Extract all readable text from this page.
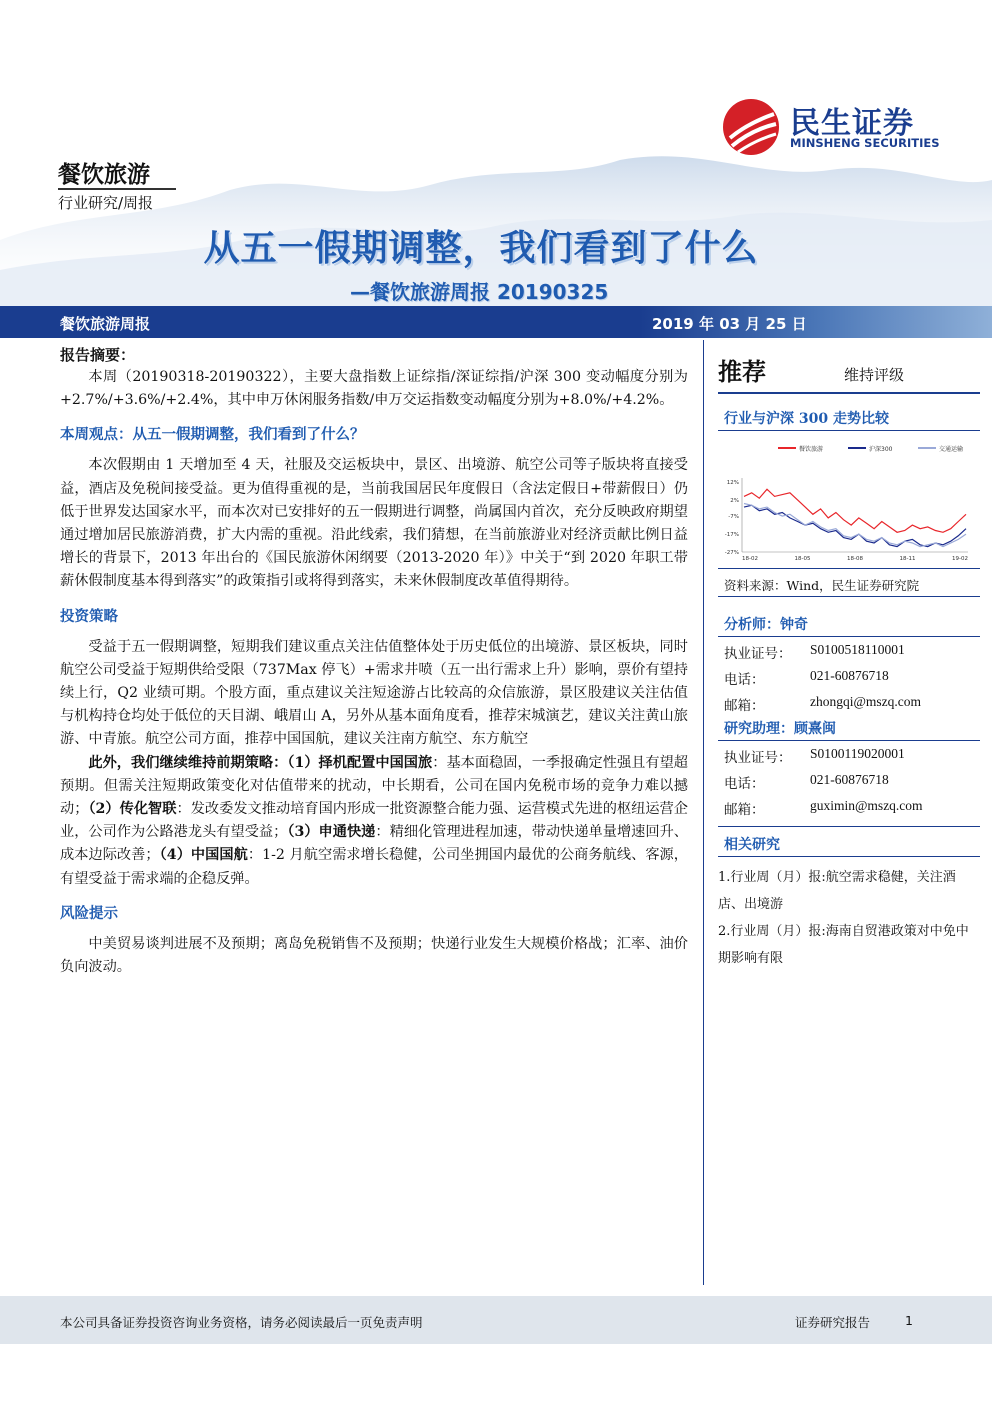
民生证券
MINSHENG SECURITIES
餐饮旅游
行业研究/周报
从五一假期调整，我们看到了什么
—餐饮旅游周报 20190325
餐饮旅游周报	2019 年 03 月 25 日
报告摘要：

本周（20190318-20190322），主要大盘指数上证综指/深证综指/沪深 300 变动幅度分别为+2.7%/+3.6%/+2.4%，其中申万休闲服务指数/申万交运指数变动幅度分别为+8.0%/+4.2%。

本周观点：从五一假期调整，我们看到了什么？

本次假期由 1 天增加至 4 天，社服及交运板块中，景区、出境游、航空公司等子版块将直接受益，酒店及免税间接受益。更为值得重视的是，当前我国居民年度假日（含法定假日+带薪假日）仍低于世界发达国家水平，而本次对已安排好的五一假期进行调整，尚属国内首次，充分反映政府期望通过增加居民旅游消费，扩大内需的重视。沿此线索，我们猜想，在当前旅游业对经济贡献比例日益增长的背景下，2013 年出台的《国民旅游休闲纲要（2013-2020 年）》中关于“到 2020 年职工带薪休假制度基本得到落实”的政策指引或将得到落实，未来休假制度改革值得期待。

投资策略

受益于五一假期调整，短期我们建议重点关注估值整体处于历史低位的出境游、景区板块，同时航空公司受益于短期供给受限（737Max 停飞）+需求井喷（五一出行需求上升）影响，票价有望持续上行，Q2 业绩可期。个股方面，重点建议关注短途游占比较高的众信旅游，景区股建议关注估值与机构持仓均处于低位的天目湖、峨眉山 A，另外从基本面角度看，推荐宋城演艺，建议关注黄山旅游、中青旅。航空公司方面，推荐中国国航，建议关注南方航空、东方航空

此外，我们继续维持前期策略：（1）择机配置中国国旅：基本面稳固，一季报确定性强且有望超预期。但需关注短期政策变化对估值带来的扰动，中长期看，公司在国内免税市场的竞争力难以撼动；（2）传化智联：发改委发文推动培育国内形成一批资源整合能力强、运营模式先进的枢纽运营企业，公司作为公路港龙头有望受益；（3）申通快递：精细化管理进程加速，带动快递单量增速回升、成本边际改善；（4）中国国航：1-2 月航空需求增长稳健，公司坐拥国内最优的公商务航线、客源，有望受益于需求端的企稳反弹。

风险提示

中美贸易谈判进展不及预期；离岛免税销售不及预期；快递行业发生大规模价格战；汇率、油价负向波动。

推荐	维持评级
行业与沪深 300 走势比较
餐饮旅游	沪深300	交通运输
12%
2%
-7%
-17%
-27%
18-02	18-05	18-08	18-11	19-02
资料来源：Wind，民生证券研究院
分析师：钟奇
执业证号： S0100518110001
电话：	021-60876718
邮箱：	zhongqi@mszq.com
研究助理：顾熹闽
执业证号： S0100119020001
电话：	021-60876718
邮箱：	guximin@mszq.com
相关研究
1.行业周（月）报:航空需求稳健，关注酒店、出境游
2.行业周（月）报:海南自贸港政策对中免中期影响有限
本公司具备证券投资咨询业务资格，请务必阅读最后一页免责声明	证券研究报告	1
